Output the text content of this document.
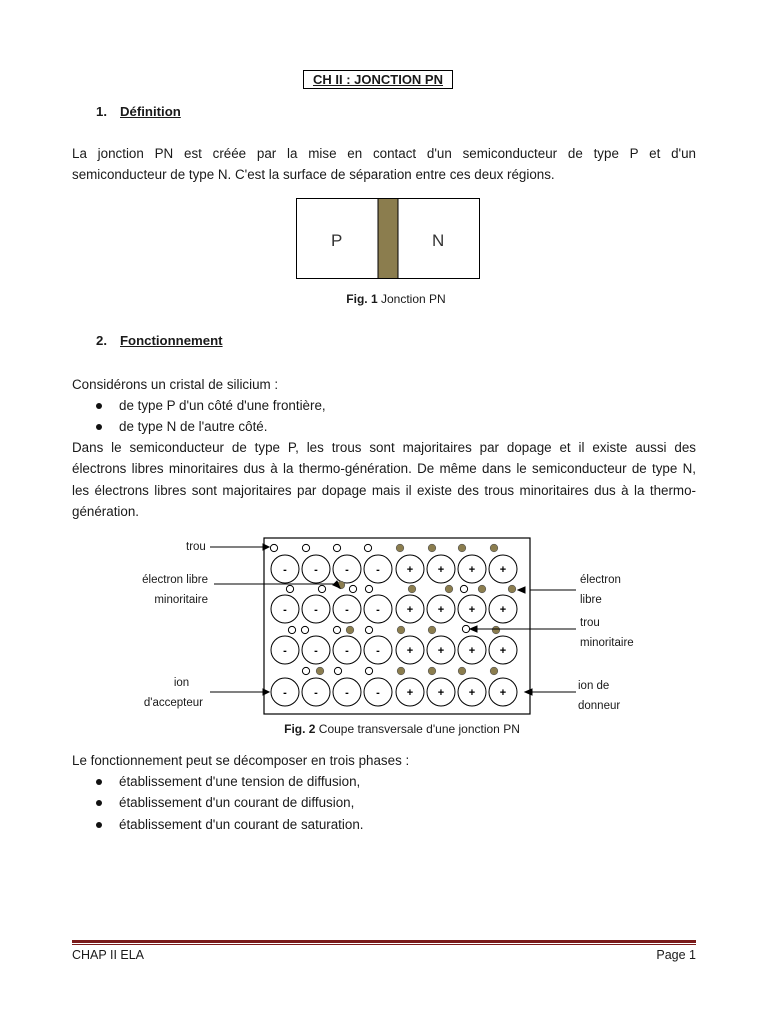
CH II : JONCTION PN
1. Définition
La jonction PN est créée par la mise en contact d'un semiconducteur de type P et d'un
semiconducteur de type N. C'est la surface de séparation entre ces deux régions.
P	N
Fig. 1 Jonction PN
2. Fonctionnement
Considérons un cristal de silicium :
de type P d'un côté d'une frontière,
de type N de l'autre côté.
Dans le semiconducteur de type P, les trous sont majoritaires par dopage et il existe aussi des
électrons libres minoritaires dus à la thermo-génération. De même dans le semiconducteur de type N,
les électrons libres sont majoritaires par dopage mais il existe des trous minoritaires dus à la thermo-
génération.
- - - - + + + +
- - - - + + + +
- - - - + + + +
- - - - + + + +
trou
électron libre
minoritaire
ion
d'accepteur
électron
libre
trou
minoritaire
ion de
donneur
Fig. 2 Coupe transversale d'une jonction PN
Le fonctionnement peut se décomposer en trois phases :
établissement d'une tension de diffusion,
établissement d'un courant de diffusion,
établissement d'un courant de saturation.
CHAP II ELA	Page 1
